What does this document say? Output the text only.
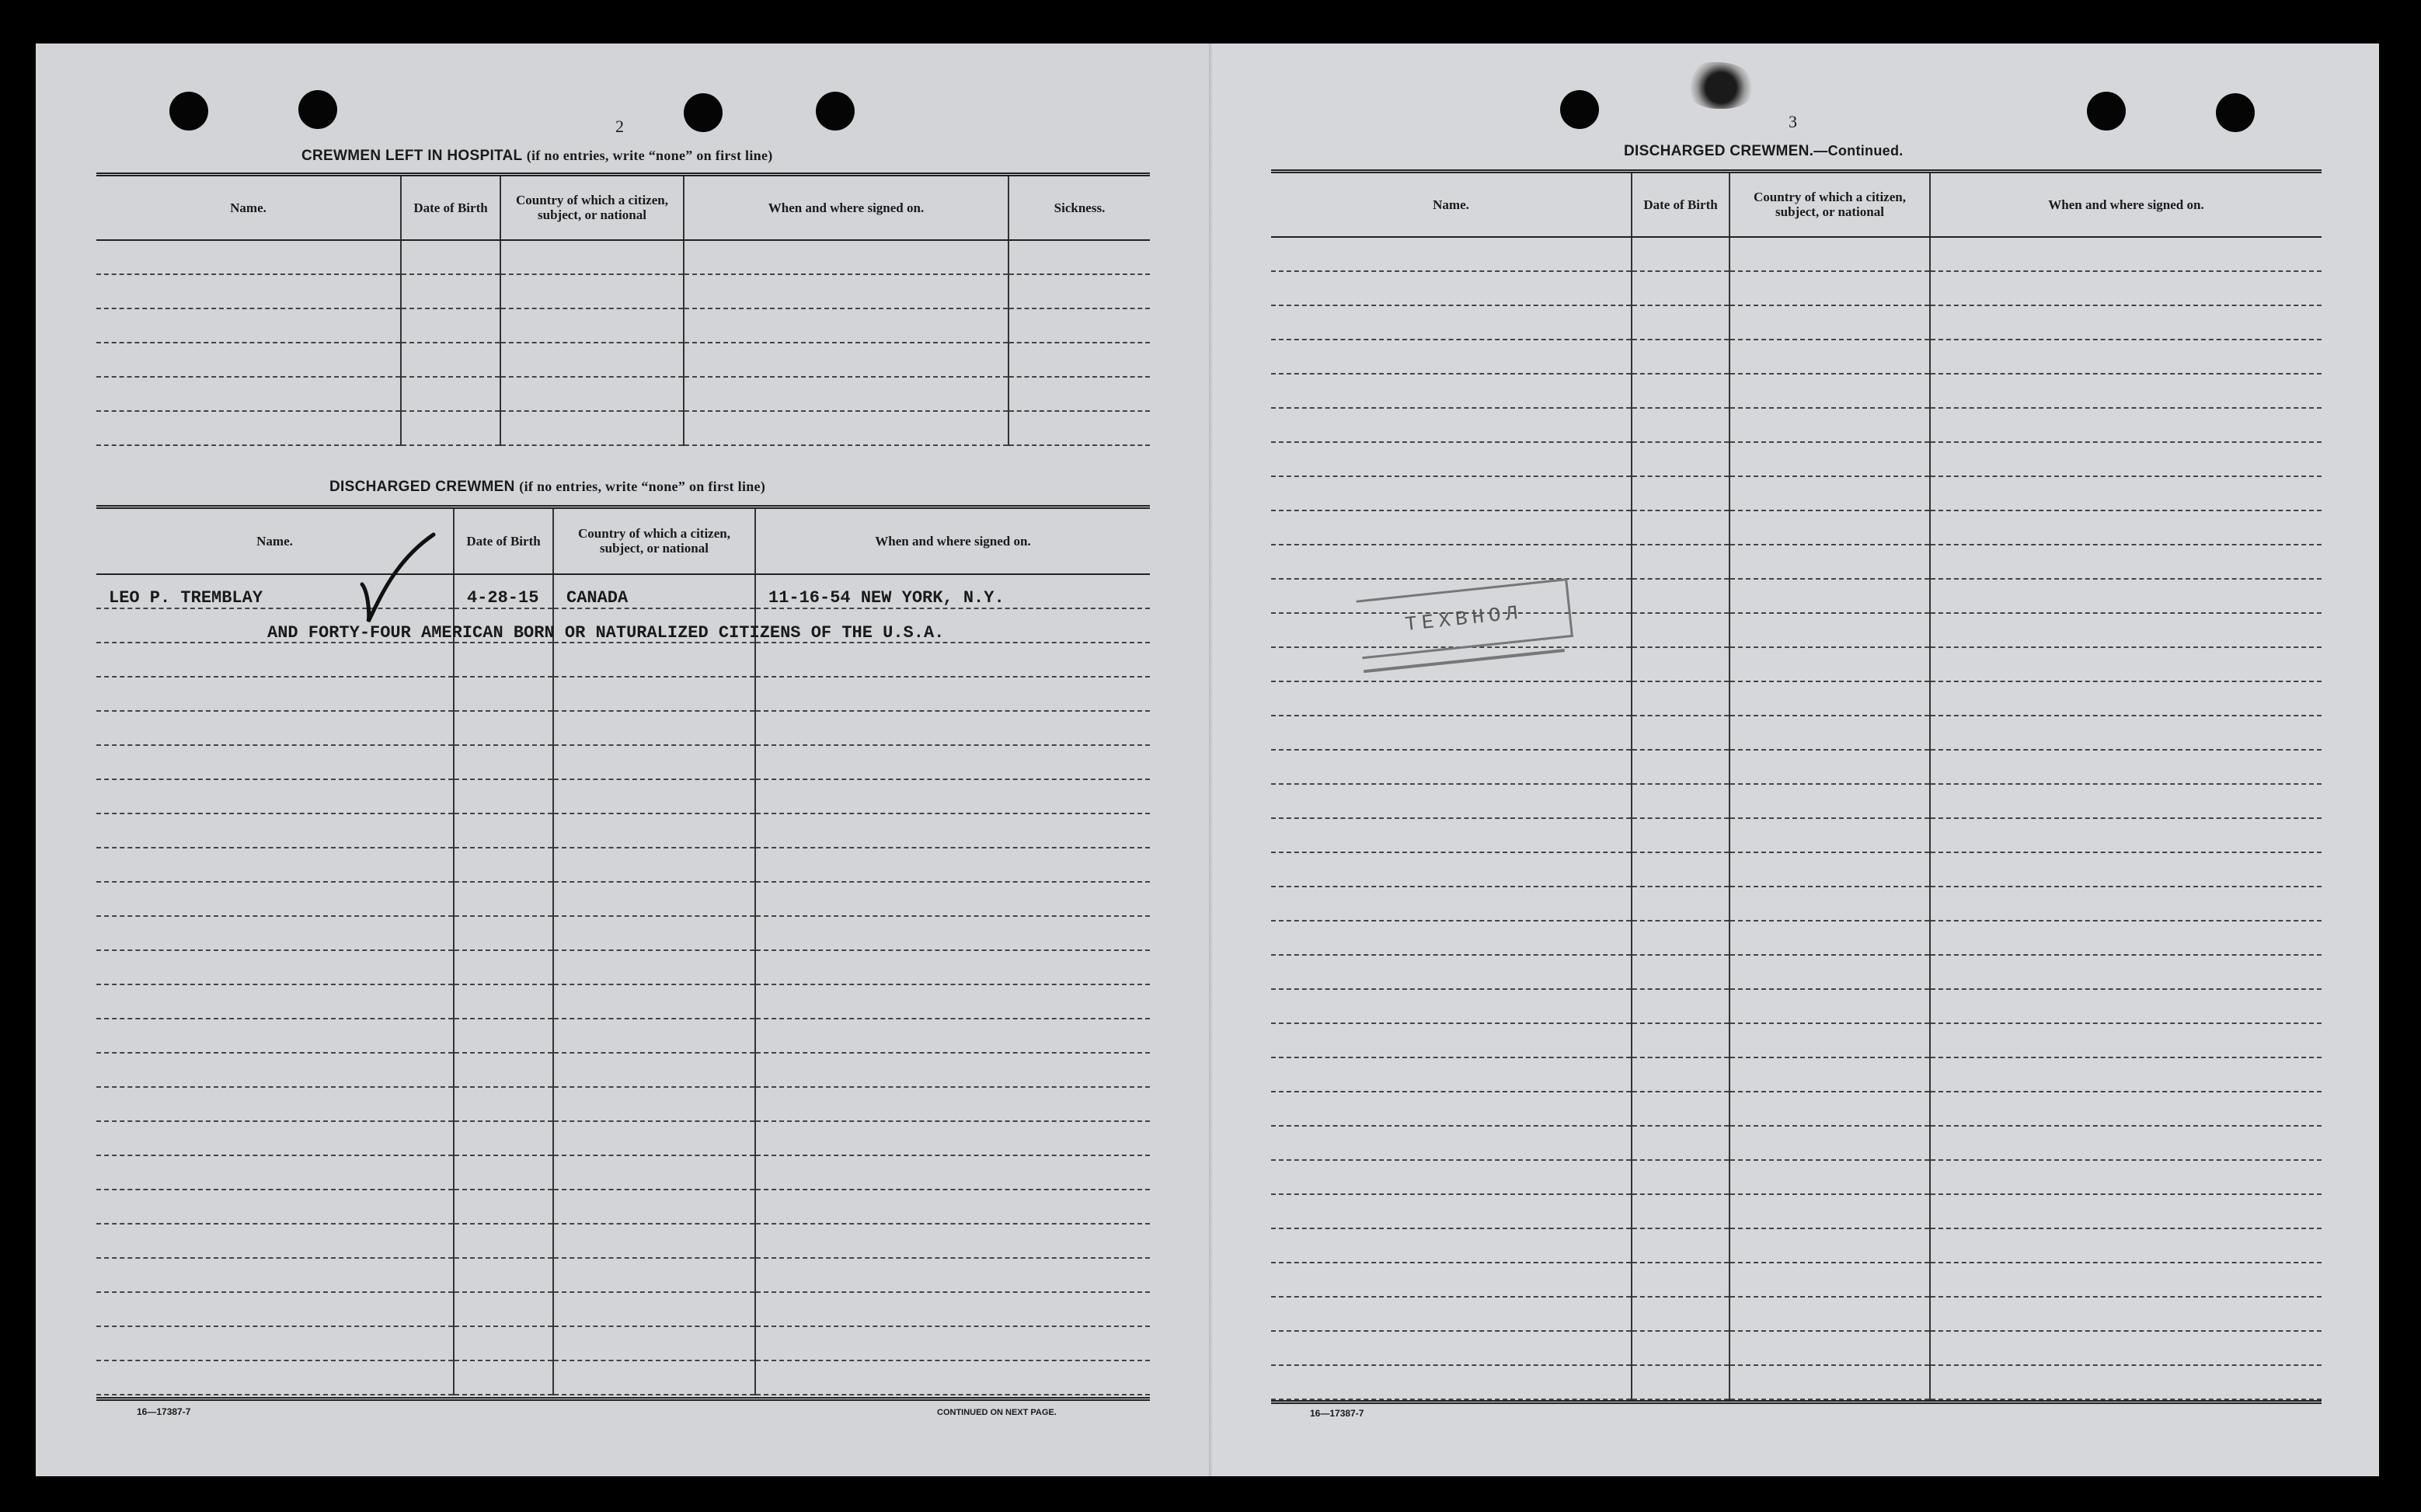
2
CREWMEN LEFT IN HOSPITAL (if no entries, write “none” on first line)
Name.	Date of Birth	Country of which a citizen, subject, or national	When and where signed on.	Sickness.

DISCHARGED CREWMEN (if no entries, write “none” on first line)
Name.	Date of Birth	Country of which a citizen, subject, or national	When and where signed on.
LEO P. TREMBLAY	4-28-15	CANADA	11-16-54 NEW YORK, N.Y.

AND FORTY-FOUR AMERICAN BORN OR NATURALIZED CITIZENS OF THE U.S.A.
16—17387-7	CONTINUED ON NEXT PAGE.
3
DISCHARGED CREWMEN.—Continued.
Name.	Date of Birth	Country of which a citizen, subject, or national	When and where signed on.

16—17387-7
ТЕХВНОЛ
